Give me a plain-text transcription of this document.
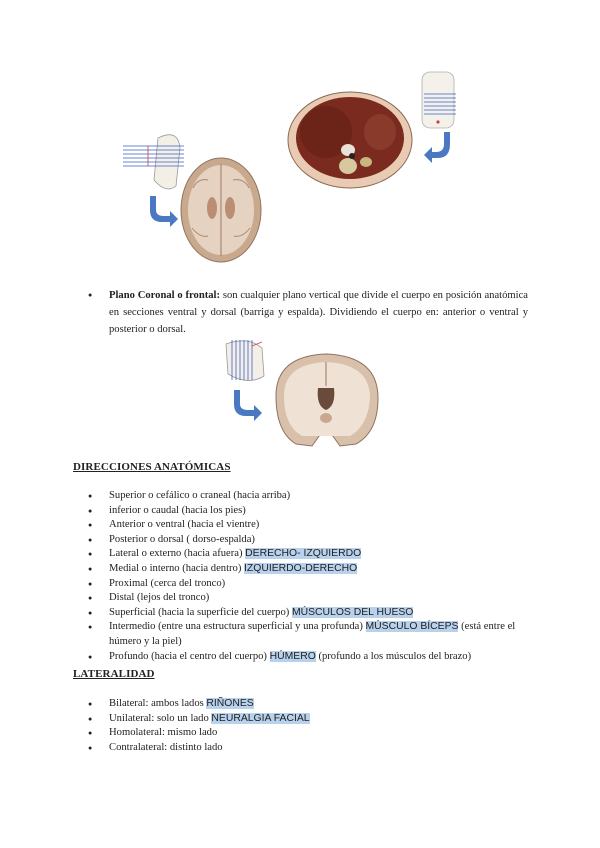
● Plano Coronal o frontal: son cualquier plano vertical que divide el cuerpo en posición anatómica en secciones ventral y dorsal (barriga y espalda). Dividiendo el cuerpo en: anterior o ventral y posterior o dorsal.
DIRECCIONES ANATÓMICAS
● Superior o cefálico o craneal (hacia arriba)
● inferior o caudal (hacia los pies)
● Anterior o ventral (hacia el vientre)
● Posterior o dorsal ( dorso-espalda)
● Lateral o externo (hacia afuera) DERECHO- IZQUIERDO
● Medial o interno (hacia dentro) IZQUIERDO-DERECHO
● Proximal (cerca del tronco)
● Distal (lejos del tronco)
● Superficial (hacia la superficie del cuerpo) MÚSCULOS DEL HUESO
● Intermedio (entre una estructura superficial y una profunda) MÚSCULO BÍCEPS (está entre el húmero y la piel)
● Profundo (hacia el centro del cuerpo) HÚMERO (profundo a los músculos del brazo)
LATERALIDAD
● Bilateral: ambos lados RIÑONES
● Unilateral: solo un lado NEURALGIA FACIAL
● Homolateral: mismo lado
● Contralateral: distinto lado
